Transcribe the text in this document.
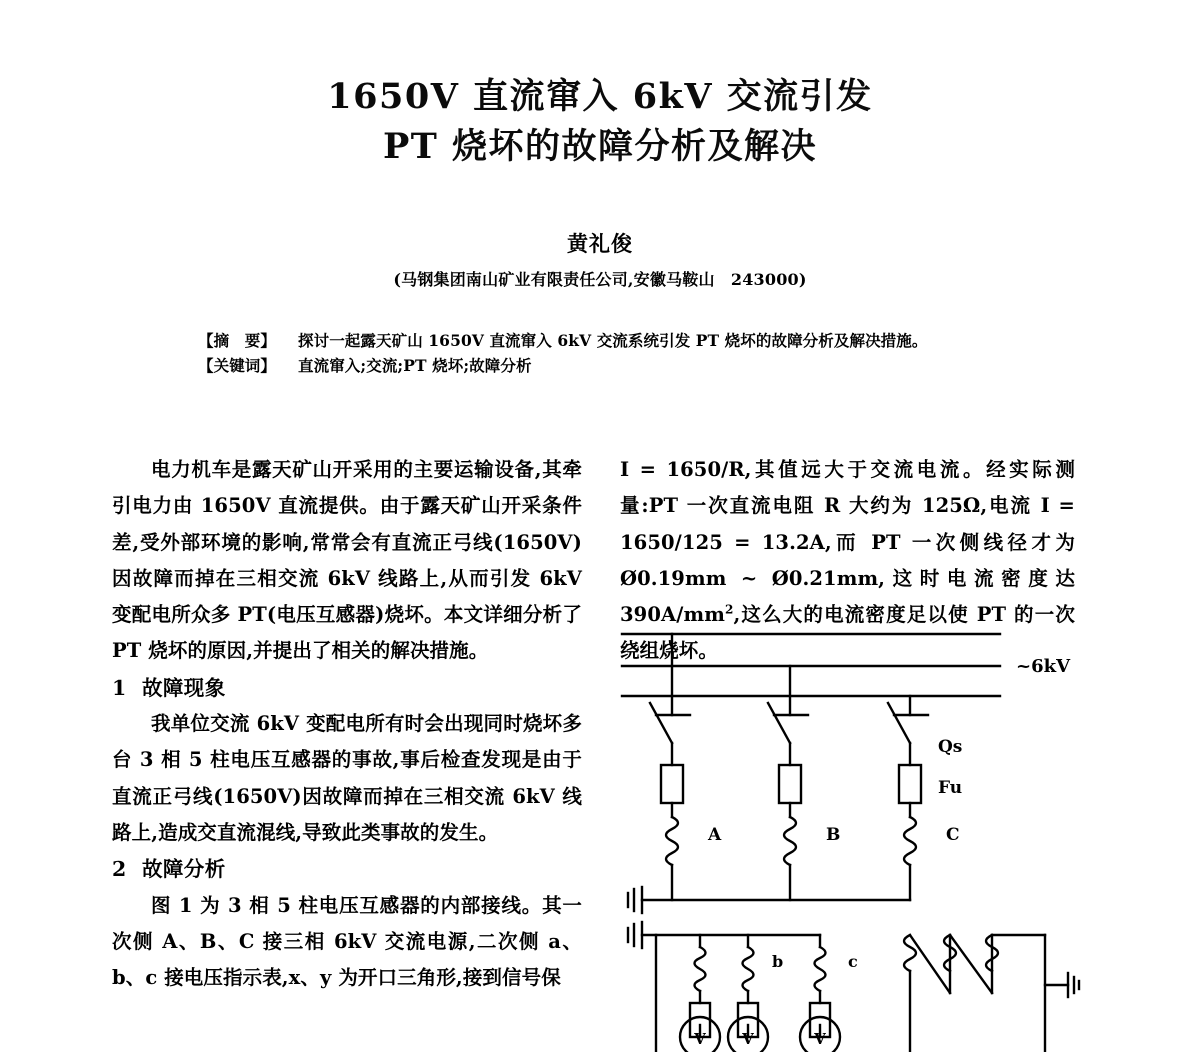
1650V 直流窜入 6kV 交流引发
PT 烧坏的故障分析及解决
黄礼俊
(马钢集团南山矿业有限责任公司,安徽马鞍山　243000)
【摘　要】 探讨一起露天矿山 1650V 直流窜入 6kV 交流系统引发 PT 烧坏的故障分析及解决措施。
【关键词】 直流窜入;交流;PT 烧坏;故障分析

电力机车是露天矿山开采用的主要运输设备,其牵引电力由 1650V 直流提供。由于露天矿山开采条件差,受外部环境的影响,常常会有直流正弓线(1650V)因故障而掉在三相交流 6kV 线路上,从而引发 6kV 变配电所众多 PT(电压互感器)烧坏。本文详细分析了 PT 烧坏的原因,并提出了相关的解决措施。

1 故障现象

我单位交流 6kV 变配电所有时会出现同时烧坏多台 3 相 5 柱电压互感器的事故,事后检查发现是由于直流正弓线(1650V)因故障而掉在三相交流 6kV 线路上,造成交直流混线,导致此类事故的发生。

2 故障分析

图 1 为 3 相 5 柱电压互感器的内部接线。其一次侧 A、B、C 接三相 6kV 交流电源,二次侧 a、b、c 接电压指示表,x、y 为开口三角形,接到信号保

I = 1650/R,其值远大于交流电流。经实际测量:PT 一次直流电阻 R 大约为 125Ω,电流 I = 1650/125 = 13.2A,而 PT 一次侧线径才为 Ø0.19mm ~ Ø0.21mm,这时电流密度达 $390A/mm^2$,这么大的电流密度足以使 PT 的一次绕组烧坏。

V V	V
~6kV
Qs
Fu
A	B	C
b	c
